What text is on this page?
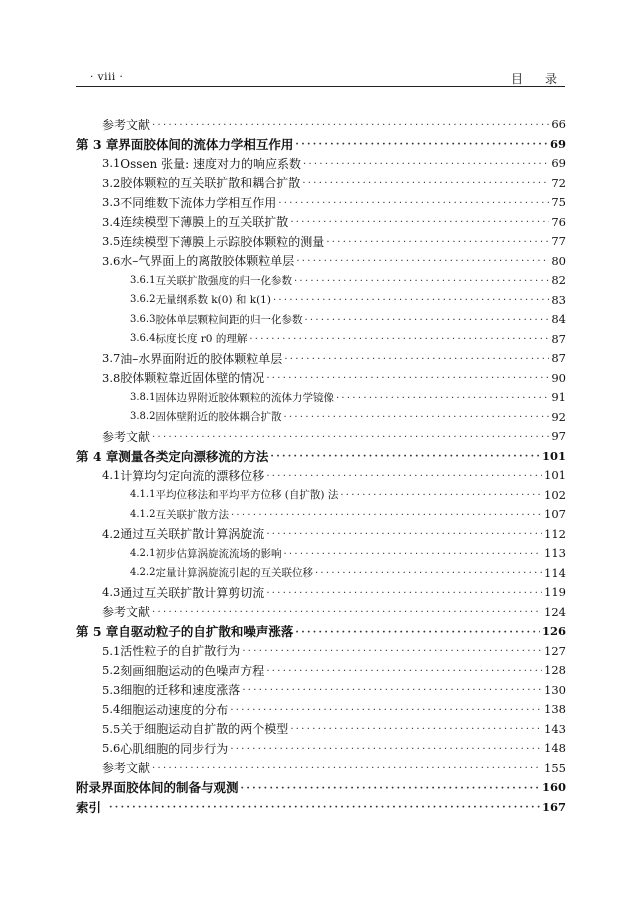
· viii ·	目录
参考文献 ·····	66
第 3 章 界面胶体间的流体力学相互作用 ·····	69
3.1 Ossen 张量: 速度对力的响应系数 ·····	69
3.2 胶体颗粒的互关联扩散和耦合扩散 ·····	72
3.3 不同维数下流体力学相互作用 ·····	75
3.4 连续模型下薄膜上的互关联扩散 ·····	76
3.5 连续模型下薄膜上示踪胶体颗粒的测量 ·····	77
3.6 水–气界面上的离散胶体颗粒单层 ·····	80
3.6.1 互关联扩散强度的归一化参数 ·····	82
3.6.2 无量纲系数 k(0) 和 k(1) ·····	83
3.6.3 胶体单层颗粒间距的归一化参数 ·····	84
3.6.4 标度长度 r0 的理解 ·····	87
3.7 油–水界面附近的胶体颗粒单层 ·····	87
3.8 胶体颗粒靠近固体壁的情况 ·····	90
3.8.1 固体边界附近胶体颗粒的流体力学镜像 ·····	91
3.8.2 固体壁附近的胶体耦合扩散 ·····	92
参考文献 ·····	97
第 4 章 测量各类定向漂移流的方法 ·····	101
4.1 计算均匀定向流的漂移位移 ·····	101
4.1.1 平均位移法和平均平方位移 (自扩散) 法 ·····	102
4.1.2 互关联扩散方法 ·····	107
4.2 通过互关联扩散计算涡旋流 ·····	112
4.2.1 初步估算涡旋流流场的影响 ·····	113
4.2.2 定量计算涡旋流引起的互关联位移 ·····	114
4.3 通过互关联扩散计算剪切流 ·····	119
参考文献 ·····	124
第 5 章 自驱动粒子的自扩散和噪声涨落 ·····	126
5.1 活性粒子的自扩散行为 ·····	127
5.2 刻画细胞运动的色噪声方程 ·····	128
5.3 细胞的迁移和速度涨落 ·····	130
5.4 细胞运动速度的分布 ·····	138
5.5 关于细胞运动自扩散的两个模型 ·····	143
5.6 心肌细胞的同步行为 ·····	148
参考文献 ·····	155
附录 界面胶体间的制备与观测 ·····	160
索引 ·····	167
